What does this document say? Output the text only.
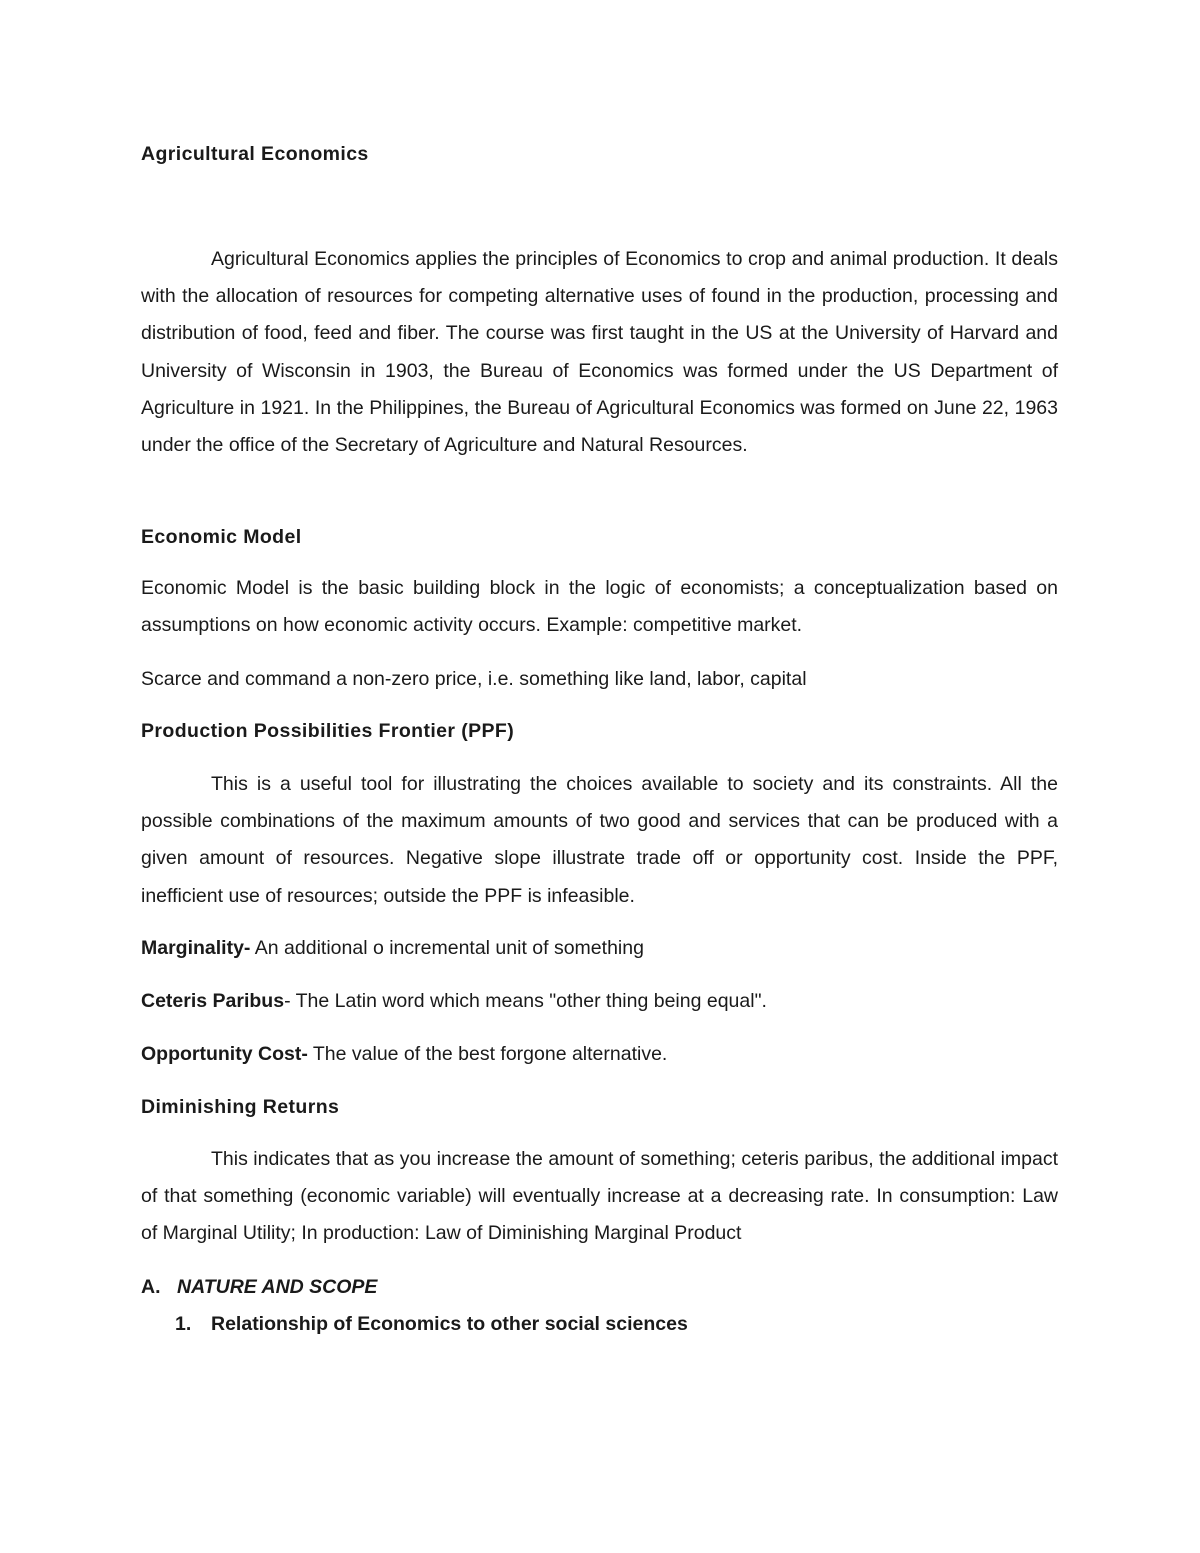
Agricultural Economics

Agricultural Economics applies the principles of Economics to crop and animal production. It deals with the allocation of resources for competing alternative uses of found in the production, processing and distribution of food, feed and fiber. The course was first taught in the US at the University of Harvard and University of Wisconsin in 1903, the Bureau of Economics was formed under the US Department of Agriculture in 1921. In the Philippines, the Bureau of Agricultural Economics was formed on June 22, 1963 under the office of the Secretary of Agriculture and Natural Resources.

Economic Model

Economic Model is the basic building block in the logic of economists; a conceptualization based on assumptions on how economic activity occurs. Example: competitive market.

Scarce and command a non-zero price, i.e. something like land, labor, capital

Production Possibilities Frontier (PPF)

This is a useful tool for illustrating the choices available to society and its constraints. All the possible combinations of the maximum amounts of two good and services that can be produced with a given amount of resources. Negative slope illustrate trade off or opportunity cost. Inside the PPF, inefficient use of resources; outside the PPF is infeasible.

Marginality- An additional o incremental unit of something

Ceteris Paribus- The Latin word which means "other thing being equal".

Opportunity Cost- The value of the best forgone alternative.

Diminishing Returns

This indicates that as you increase the amount of something; ceteris paribus, the additional impact of that something (economic variable) will eventually increase at a decreasing rate. In consumption: Law of Marginal Utility; In production: Law of Diminishing Marginal Product

A. NATURE AND SCOPE

1. Relationship of Economics to other social sciences
